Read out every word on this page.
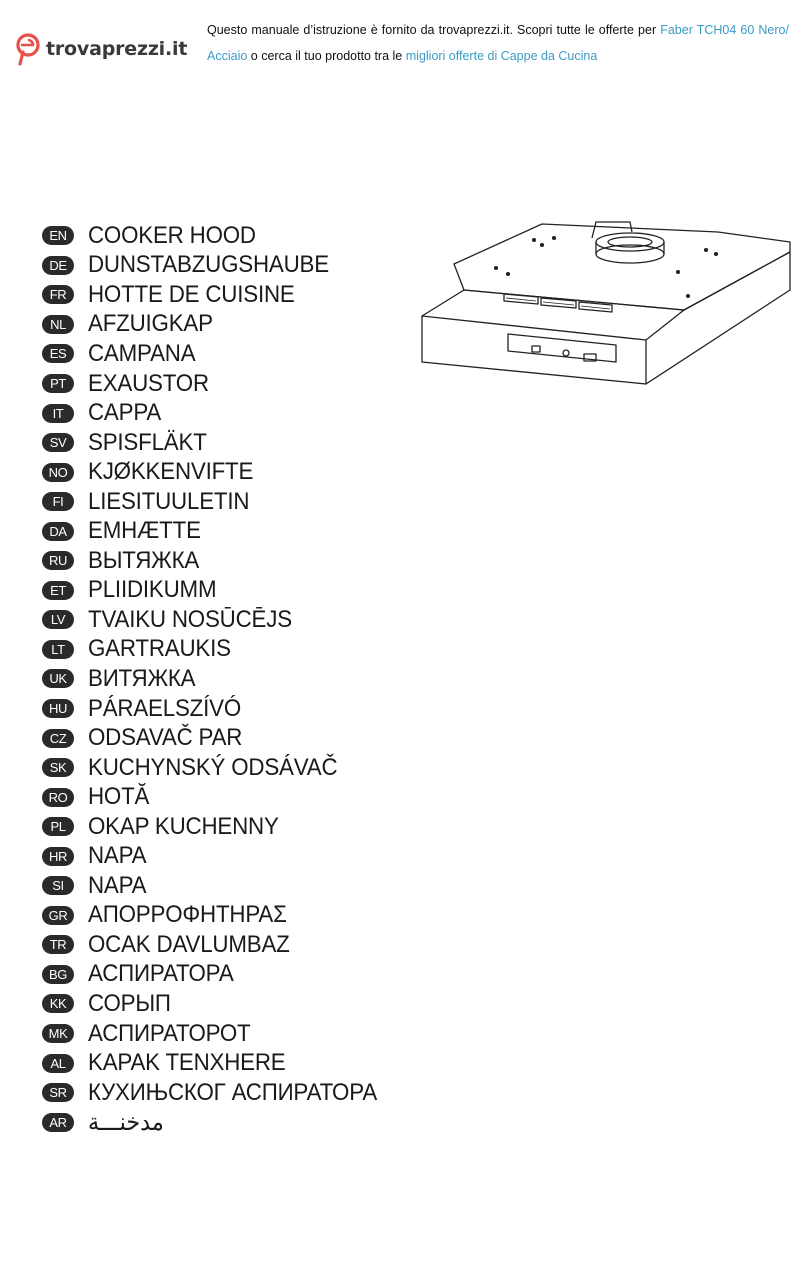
trovaprezzi.it
Questo manuale d’istruzione è fornito da trovaprezzi.it. Scopri tutte le offerte per Faber TCH04 60 Nero/ Acciaio o cerca il tuo prodotto tra le migliori offerte di Cappe da Cucina
EN COOKER HOOD
DE DUNSTABZUGSHAUBE
FR HOTTE DE CUISINE
NL AFZUIGKAP
ES CAMPANA
PT EXAUSTOR
IT	CAPPA
SV SPISFLÄKT
NO KJØKKENVIFTE
FI	LIESITUULETIN
DA EMHÆTTE
RU ВЫТЯЖКА
ET PLIIDIKUMM
LV TVAIKU NOSŪCĒJS
LT GARTRAUKIS
UK ВИТЯЖКА
HU PÁRAELSZÍVÓ
CZ ODSAVAČ PAR
SK KUCHYNSKÝ ODSÁVAČ
RO HOTĂ
PL OKAP KUCHENNY
HR NAPA
SI	NAPA
GR ΑΠΟΡΡΟΦΗΤΗΡΑΣ
TR OCAK DAVLUMBAZ
BG АСПИРАТОРА
KK СОРЫП
MK АСПИРАТОРОТ
AL KAPAK TENXHERE
SR КУХИЊСКОГ АСПИРАТОРА
AR مدخنـــة
